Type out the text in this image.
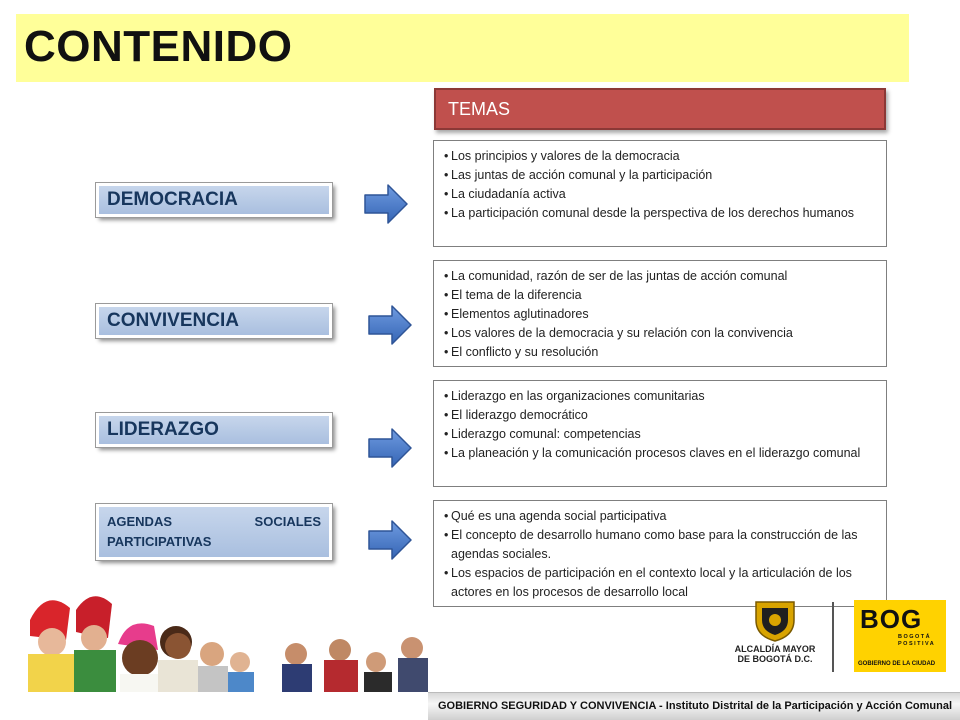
CONTENIDO
TEMAS
DEMOCRACIA
CONVIVENCIA
LIDERAZGO
AGENDAS SOCIALES
PARTICIPATIVAS
• Los principios y valores de la democracia
• Las juntas de acción comunal y la participación
• La ciudadanía activa
• La participación comunal desde la perspectiva de los derechos humanos
• La comunidad, razón de ser de las juntas de acción comunal
• El tema de la diferencia
• Elementos aglutinadores
• Los valores de la democracia y su relación con la convivencia
• El conflicto y su resolución
• Liderazgo en las organizaciones comunitarias
• El liderazgo democrático
• Liderazgo comunal: competencias
• La planeación y la comunicación procesos claves en el liderazgo comunal
• Qué es una agenda social participativa
• El concepto de desarrollo humano como base para la construcción de las agendas sociales.
• Los espacios de participación en el contexto local y la articulación de los actores en los procesos de desarrollo local
ALCALDÍA MAYOR
DE BOGOTÁ D.C.
BOG
BOGOTÁ
POSITIVA
GOBIERNO DE LA CIUDAD
GOBIERNO SEGURIDAD Y CONVIVENCIA - Instituto Distrital de la Participación y Acción Comunal
